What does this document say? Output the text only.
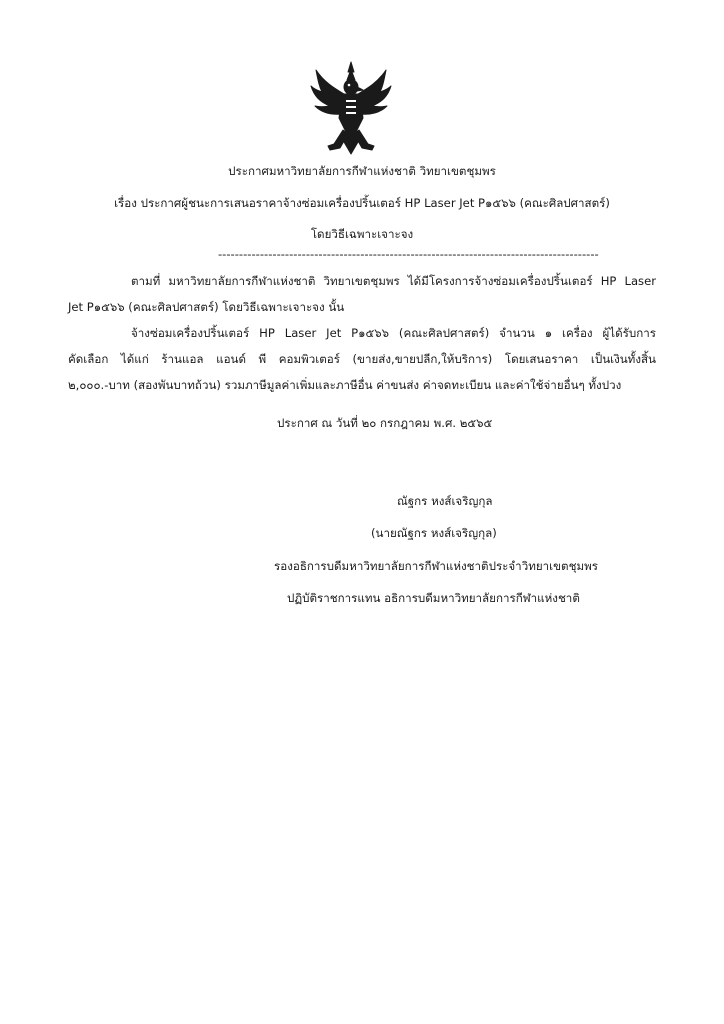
ประกาศมหาวิทยาลัยการกีฬาแห่งชาติ วิทยาเขตชุมพร
เรื่อง ประกาศผู้ชนะการเสนอราคาจ้างซ่อมเครื่องปริ้นเตอร์ HP Laser Jet P๑๕๖๖ (คณะศิลปศาสตร์)
โดยวิธีเฉพาะเจาะจง
-------------------------------------------------------------------------------------------
ตามที่ มหาวิทยาลัยการกีฬาแห่งชาติ วิทยาเขตชุมพร ได้มีโครงการจ้างซ่อมเครื่องปริ้นเตอร์ HP Laser
Jet P๑๕๖๖ (คณะศิลปศาสตร์) โดยวิธีเฉพาะเจาะจง นั้น
จ้างซ่อมเครื่องปริ้นเตอร์ HP Laser Jet P๑๕๖๖ (คณะศิลปศาสตร์) จำนวน ๑ เครื่อง ผู้ได้รับการ
คัดเลือก ได้แก่ ร้านแอล แอนด์ พี คอมพิวเตอร์ (ขายส่ง,ขายปลีก,ให้บริการ) โดยเสนอราคา เป็นเงินทั้งสิ้น
๒,๐๐๐.-บาท (สองพันบาทถ้วน) รวมภาษีมูลค่าเพิ่มและภาษีอื่น ค่าขนส่ง ค่าจดทะเบียน และค่าใช้จ่ายอื่นๆ ทั้งปวง
ประกาศ ณ วันที่ ๒๐ กรกฎาคม พ.ศ. ๒๕๖๕
ณัฐกร หงส์เจริญกุล
(นายณัฐกร หงส์เจริญกุล)
รองอธิการบดีมหาวิทยาลัยการกีฬาแห่งชาติประจำวิทยาเขตชุมพร
ปฏิบัติราชการแทน อธิการบดีมหาวิทยาลัยการกีฬาแห่งชาติ
